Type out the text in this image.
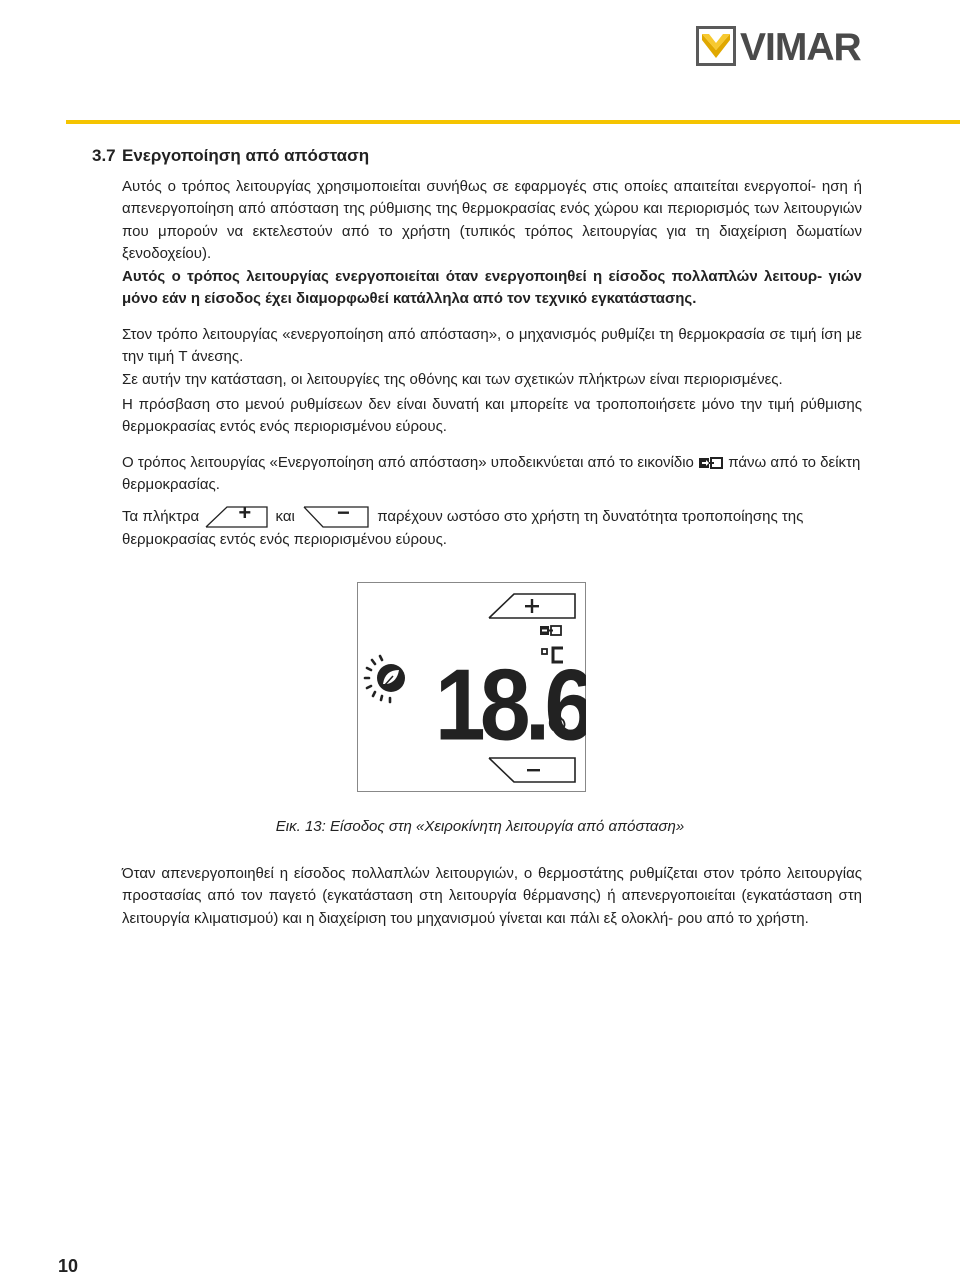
VIMAR
3.7 Ενεργοποίηση από απόσταση
Αυτός ο τρόπος λειτουργίας χρησιμοποιείται συνήθως σε εφαρμογές στις οποίες απαιτείται ενεργοποί- ηση ή απενεργοποίηση από απόσταση της ρύθμισης της θερμοκρασίας ενός χώρου και περιορισμός των λειτουργιών που μπορούν να εκτελεστούν από το χρήστη (τυπικός τρόπος λειτουργίας για τη διαχείριση δωματίων ξενοδοχείου).
Αυτός ο τρόπος λειτουργίας ενεργοποιείται όταν ενεργοποιηθεί η είσοδος πολλαπλών λειτουρ- γιών μόνο εάν η είσοδος έχει διαμορφωθεί κατάλληλα από τον τεχνικό εγκατάστασης.
Στον τρόπο λειτουργίας «ενεργοποίηση από απόσταση», ο μηχανισμός ρυθμίζει τη θερμοκρασία σε τιμή ίση με την τιμή T άνεσης.
Σε αυτήν την κατάσταση, οι λειτουργίες της οθόνης και των σχετικών πλήκτρων είναι περιορισμένες.
Η πρόσβαση στο μενού ρυθμίσεων δεν είναι δυνατή και μπορείτε να τροποποιήσετε μόνο την τιμή ρύθμισης θερμοκρασίας εντός ενός περιορισμένου εύρους.
Ο τρόπος λειτουργίας «Ενεργοποίηση από απόσταση» υποδεικνύεται από το εικονίδιο πάνω από το δείκτη θερμοκρασίας.
Τα πλήκτρα + και − παρέχουν ωστόσο στο χρήστη τη δυνατότητα τροποποίησης της θερμοκρασίας εντός ενός περιορισμένου εύρους.
18.6
Εικ. 13: Είσοδος στη «Χειροκίνητη λειτουργία από απόσταση»
Όταν απενεργοποιηθεί η είσοδος πολλαπλών λειτουργιών, ο θερμοστάτης ρυθμίζεται στον τρόπο λειτουργίας προστασίας από τον παγετό (εγκατάσταση στη λειτουργία θέρμανσης) ή απενεργοποιείται (εγκατάσταση στη λειτουργία κλιματισμού) και η διαχείριση του μηχανισμού γίνεται και πάλι εξ ολοκλή- ρου από το χρήστη.
10
